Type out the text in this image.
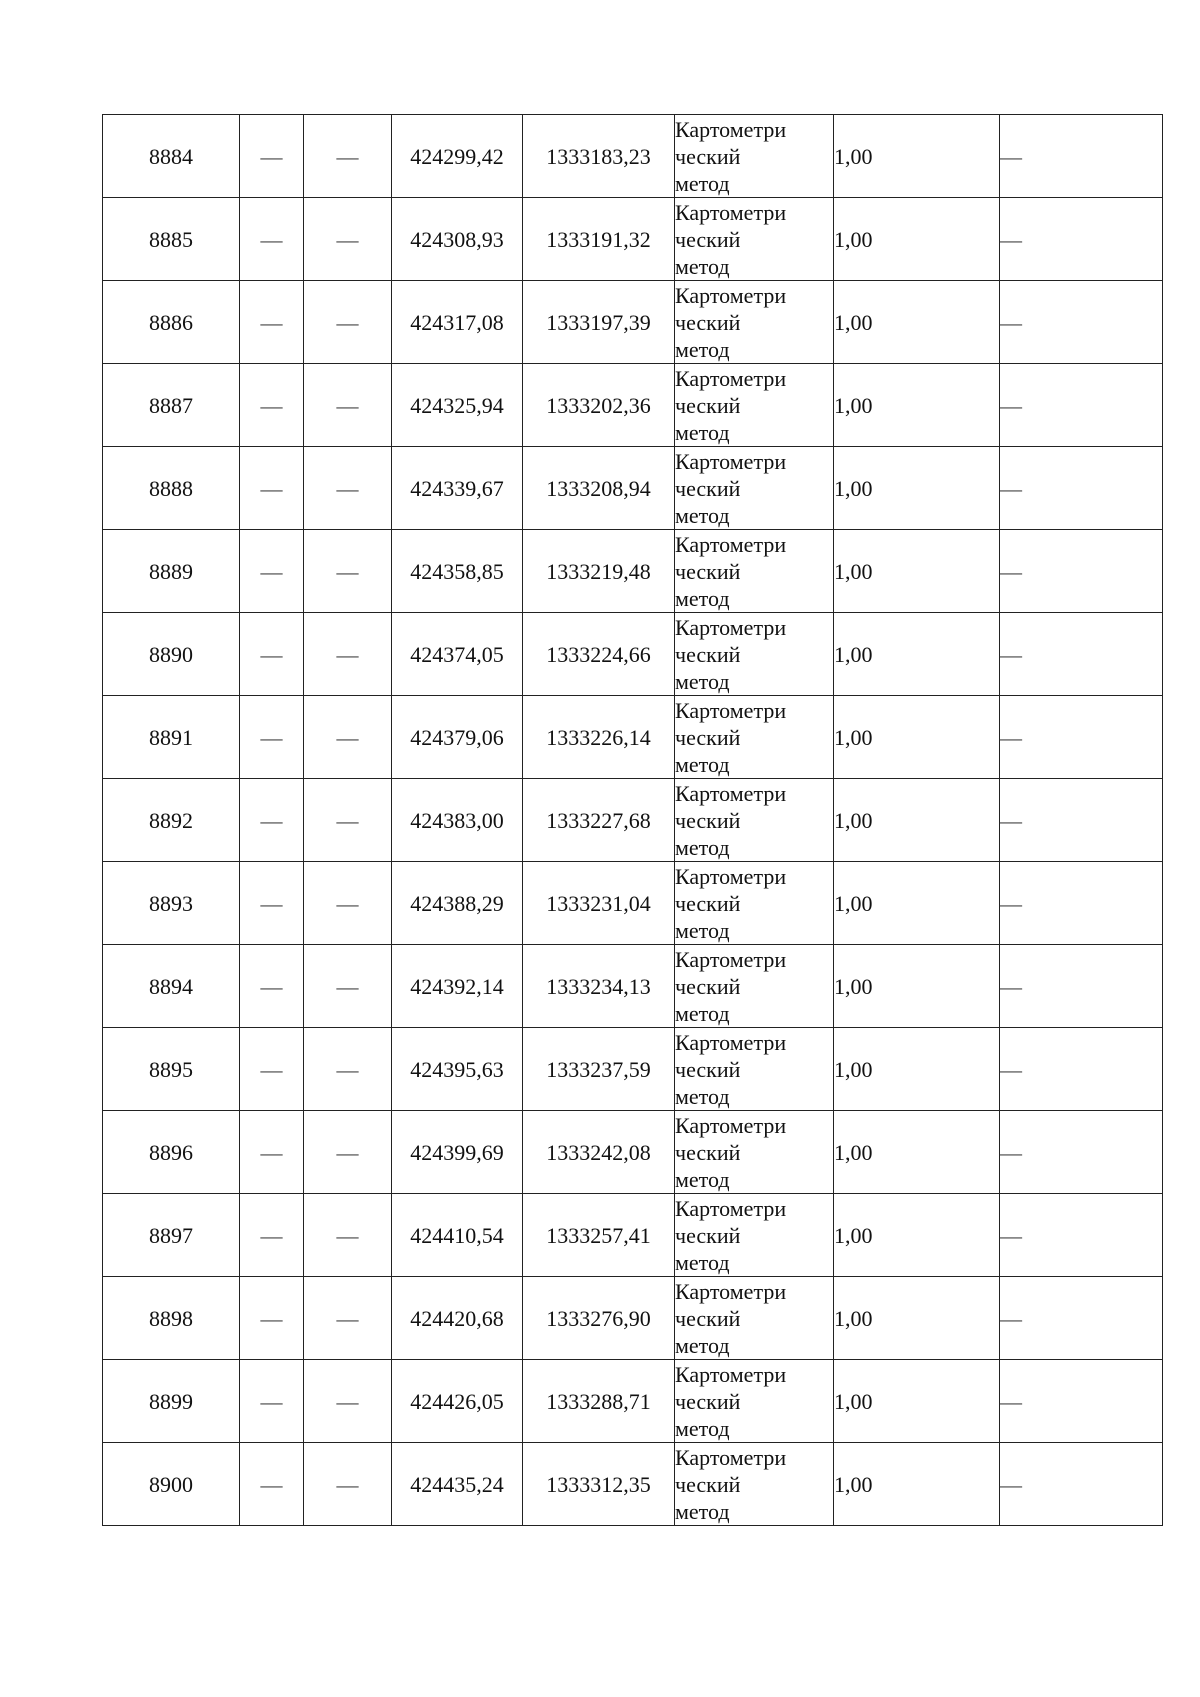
8884	—	—	424299,42	1333183,23	Картометри
ческий
метод	1,00	—
8885	—	—	424308,93	1333191,32	Картометри
ческий
метод	1,00	—
8886	—	—	424317,08	1333197,39	Картометри
ческий
метод	1,00	—
8887	—	—	424325,94	1333202,36	Картометри
ческий
метод	1,00	—
8888	—	—	424339,67	1333208,94	Картометри
ческий
метод	1,00	—
8889	—	—	424358,85	1333219,48	Картометри
ческий
метод	1,00	—
8890	—	—	424374,05	1333224,66	Картометри
ческий
метод	1,00	—
8891	—	—	424379,06	1333226,14	Картометри
ческий
метод	1,00	—
8892	—	—	424383,00	1333227,68	Картометри
ческий
метод	1,00	—
8893	—	—	424388,29	1333231,04	Картометри
ческий
метод	1,00	—
8894	—	—	424392,14	1333234,13	Картометри
ческий
метод	1,00	—
8895	—	—	424395,63	1333237,59	Картометри
ческий
метод	1,00	—
8896	—	—	424399,69	1333242,08	Картометри
ческий
метод	1,00	—
8897	—	—	424410,54	1333257,41	Картометри
ческий
метод	1,00	—
8898	—	—	424420,68	1333276,90	Картометри
ческий
метод	1,00	—
8899	—	—	424426,05	1333288,71	Картометри
ческий
метод	1,00	—
8900	—	—	424435,24	1333312,35	Картометри
ческий
метод	1,00	—
